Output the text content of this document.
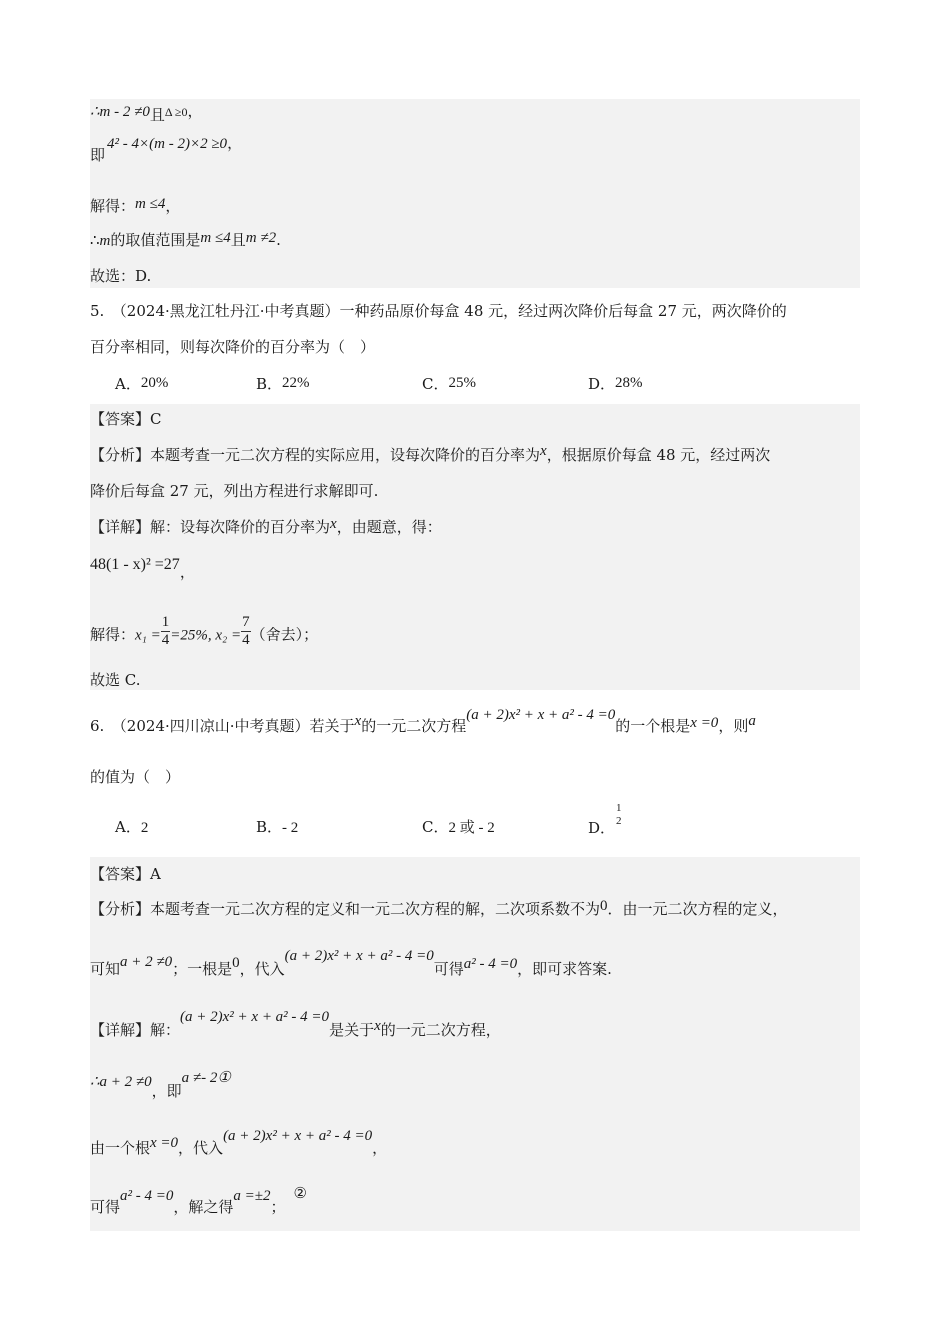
∴m - 2 ≠0且Δ ≥0，
即4² - 4×(m - 2)×2 ≥0，
解得：m ≤4，
∴m的取值范围是m ≤4且m ≠2.
故选：D.
5.　（2024·黑龙江牡丹江·中考真题）一种药品原价每盒 48 元，经过两次降价后每盒 27 元，两次降价的
百分率相同，则每次降价的百分率为（　）
A．20%	B．22%	C．25%	D．28%
【答案】C
【分析】本题考查一元二次方程的实际应用，设每次降价的百分率为x，根据原价每盒 48 元，经过两次
降价后每盒 27 元，列出方程进行求解即可.
【详解】解：设每次降价的百分率为x，由题意，得：
48(1 - x)² =27，
解得：$x_1 = \frac{1}{4} =25\%$, $x_2 = \frac{7}{4}$ （舍去）；
故选 C.
6.　（2024·四川凉山·中考真题）若关于x的一元二次方程(a + 2)x² + x + a² - 4 =0的一个根是x =0，则a
的值为（　）
A．2	B．- 2	C．2 或 - 2	D．
1
2
【答案】A
【分析】本题考查一元二次方程的定义和一元二次方程的解，二次项系数不为0．由一元二次方程的定义，
可知a + 2 ≠0；一根是0，代入(a + 2)x² + x + a² - 4 =0可得a² - 4 =0，即可求答案.
【详解】解：(a + 2)x² + x + a² - 4 =0是关于x的一元二次方程，
∴a + 2 ≠0，即a ≠- 2①
由一个根x =0，代入(a + 2)x² + x + a² - 4 =0，
可得a² - 4 =0，解之得a =±2；②
